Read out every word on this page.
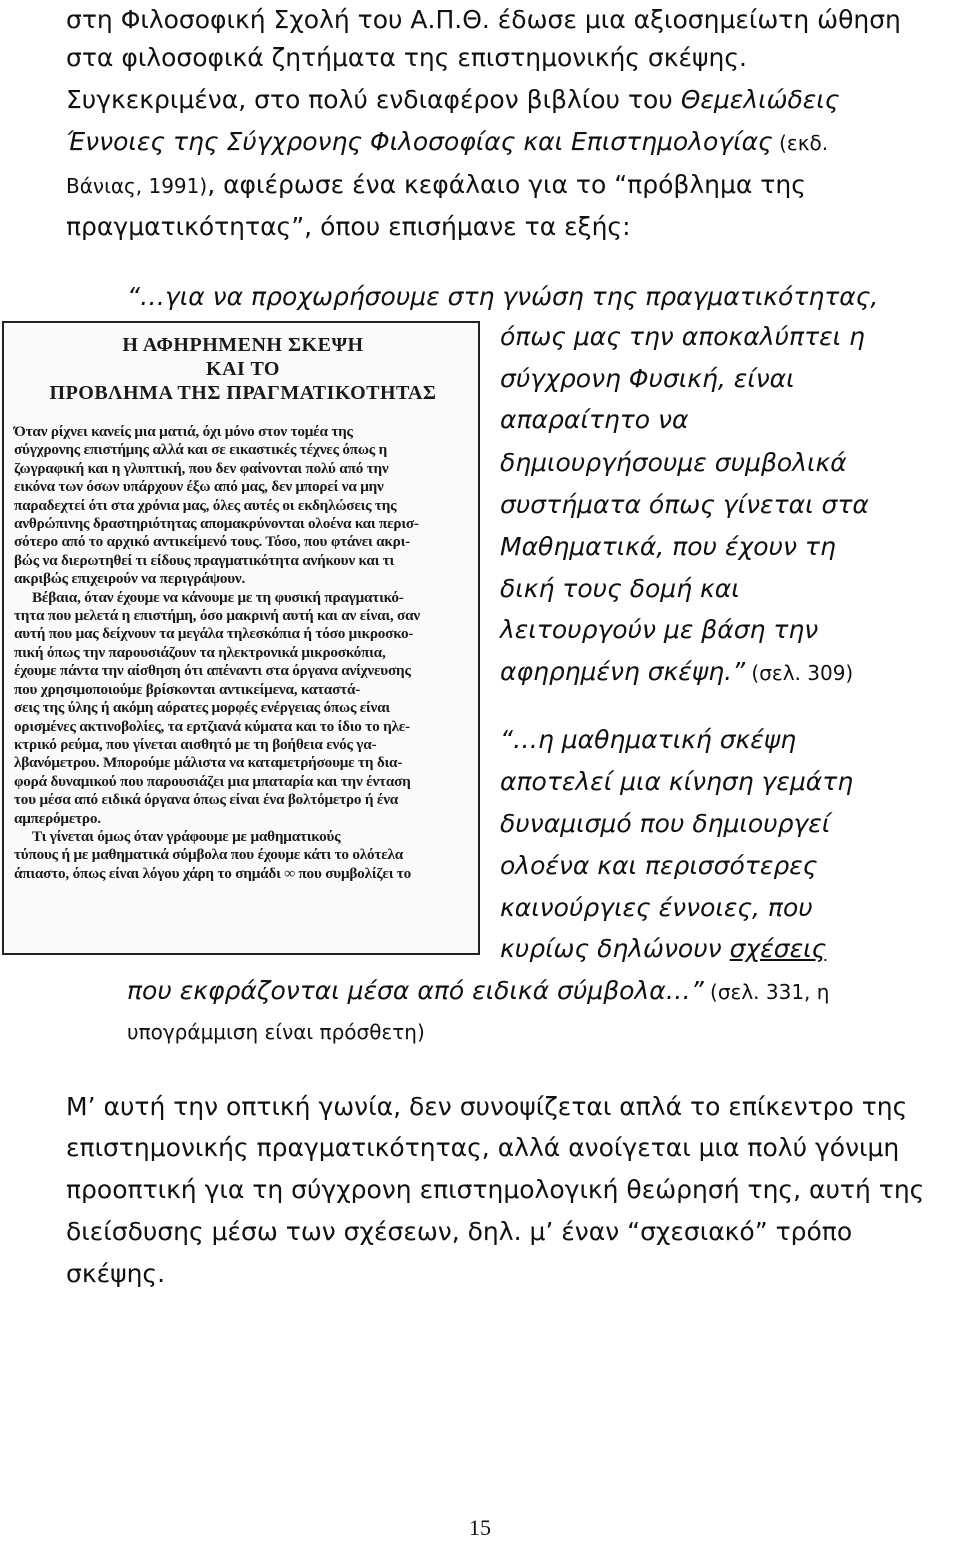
στη Φιλοσοφική Σχολή του Α.Π.Θ. έδωσε μια αξιοσημείωτη ώθηση
στα φιλοσοφικά ζητήματα της επιστημονικής σκέψης.
Συγκεκριμένα, στο πολύ ενδιαφέρον βιβλίου του Θεμελιώδεις
Έννοιες της Σύγχρονης Φιλοσοφίας και Επιστημολογίας (εκδ.
Βάνιας, 1991), αφιέρωσε ένα κεφάλαιο για το “πρόβλημα της
πραγματικότητας”, όπου επισήμανε τα εξής:
“…για να προχωρήσουμε στη γνώση της πραγματικότητας,
όπως μας την αποκαλύπτει η
σύγχρονη Φυσική, είναι
απαραίτητο να
δημιουργήσουμε συμβολικά
συστήματα όπως γίνεται στα
Μαθηματικά, που έχουν τη
δική τους δομή και
λειτουργούν με βάση την
αφηρημένη σκέψη.” (σελ. 309)
“…η μαθηματική σκέψη
αποτελεί μια κίνηση γεμάτη
δυναμισμό που δημιουργεί
ολοένα και περισσότερες
καινούργιες έννοιες, που
κυρίως δηλώνουν σχέσεις
που εκφράζονται μέσα από ειδικά σύμβολα…” (σελ. 331, η
υπογράμμιση είναι πρόσθετη)
Μ’ αυτή την οπτική γωνία, δεν συνοψίζεται απλά το επίκεντρο της
επιστημονικής πραγματικότητας, αλλά ανοίγεται μια πολύ γόνιμη
προοπτική για τη σύγχρονη επιστημολογική θεώρησή της, αυτή της
διείσδυσης μέσω των σχέσεων, δηλ. μ’ έναν “σχεσιακό” τρόπο
σκέψης.
Η ΑΦΗΡΗΜΕΝΗ ΣΚΕΨΗ
ΚΑΙ ΤΟ
ΠΡΟΒΛΗΜΑ ΤΗΣ ΠΡΑΓΜΑΤΙΚΟΤΗΤΑΣ
Όταν ρίχνει κανείς μια ματιά, όχι μόνο στον τομέα της
σύγχρονης επιστήμης αλλά και σε εικαστικές τέχνες όπως η
ζωγραφική και η γλυπτική, που δεν φαίνονται πολύ από την
εικόνα των όσων υπάρχουν έξω από μας, δεν μπορεί να μην
παραδεχτεί ότι στα χρόνια μας, όλες αυτές οι εκδηλώσεις της
ανθρώπινης δραστηριότητας απομακρύνονται ολοένα και περισ-
σότερο από το αρχικό αντικείμενό τους. Τόσο, που φτάνει ακρι-
βώς να διερωτηθεί τι είδους πραγματικότητα ανήκουν και τι
ακριβώς επιχειρούν να περιγράψουν.
Βέβαια, όταν έχουμε να κάνουμε με τη φυσική πραγματικό-
τητα που μελετά η επιστήμη, όσο μακρινή αυτή και αν είναι, σαν
αυτή που μας δείχνουν τα μεγάλα τηλεσκόπια ή τόσο μικροσκο-
πική όπως την παρουσιάζουν τα ηλεκτρονικά μικροσκόπια,
έχουμε πάντα την αίσθηση ότι απέναντι στα όργανα ανίχνευσης
που χρησιμοποιούμε βρίσκονται αντικείμενα, καταστά-
σεις της ύλης ή ακόμη αόρατες μορφές ενέργειας όπως είναι
ορισμένες ακτινοβολίες, τα ερτζιανά κύματα και το ίδιο το ηλε-
κτρικό ρεύμα, που γίνεται αισθητό με τη βοήθεια ενός γα-
λβανόμετρου. Μπορούμε μάλιστα να καταμετρήσουμε τη δια-
φορά δυναμικού που παρουσιάζει μια μπαταρία και την ένταση
του μέσα από ειδικά όργανα όπως είναι ένα βολτόμετρο ή ένα
αμπερόμετρο.
Τι γίνεται όμως όταν γράφουμε με μαθηματικούς
τύπους ή με μαθηματικά σύμβολα που έχουμε κάτι το ολότελα
άπιαστο, όπως είναι λόγου χάρη το σημάδι ∞ που συμβολίζει το
15
